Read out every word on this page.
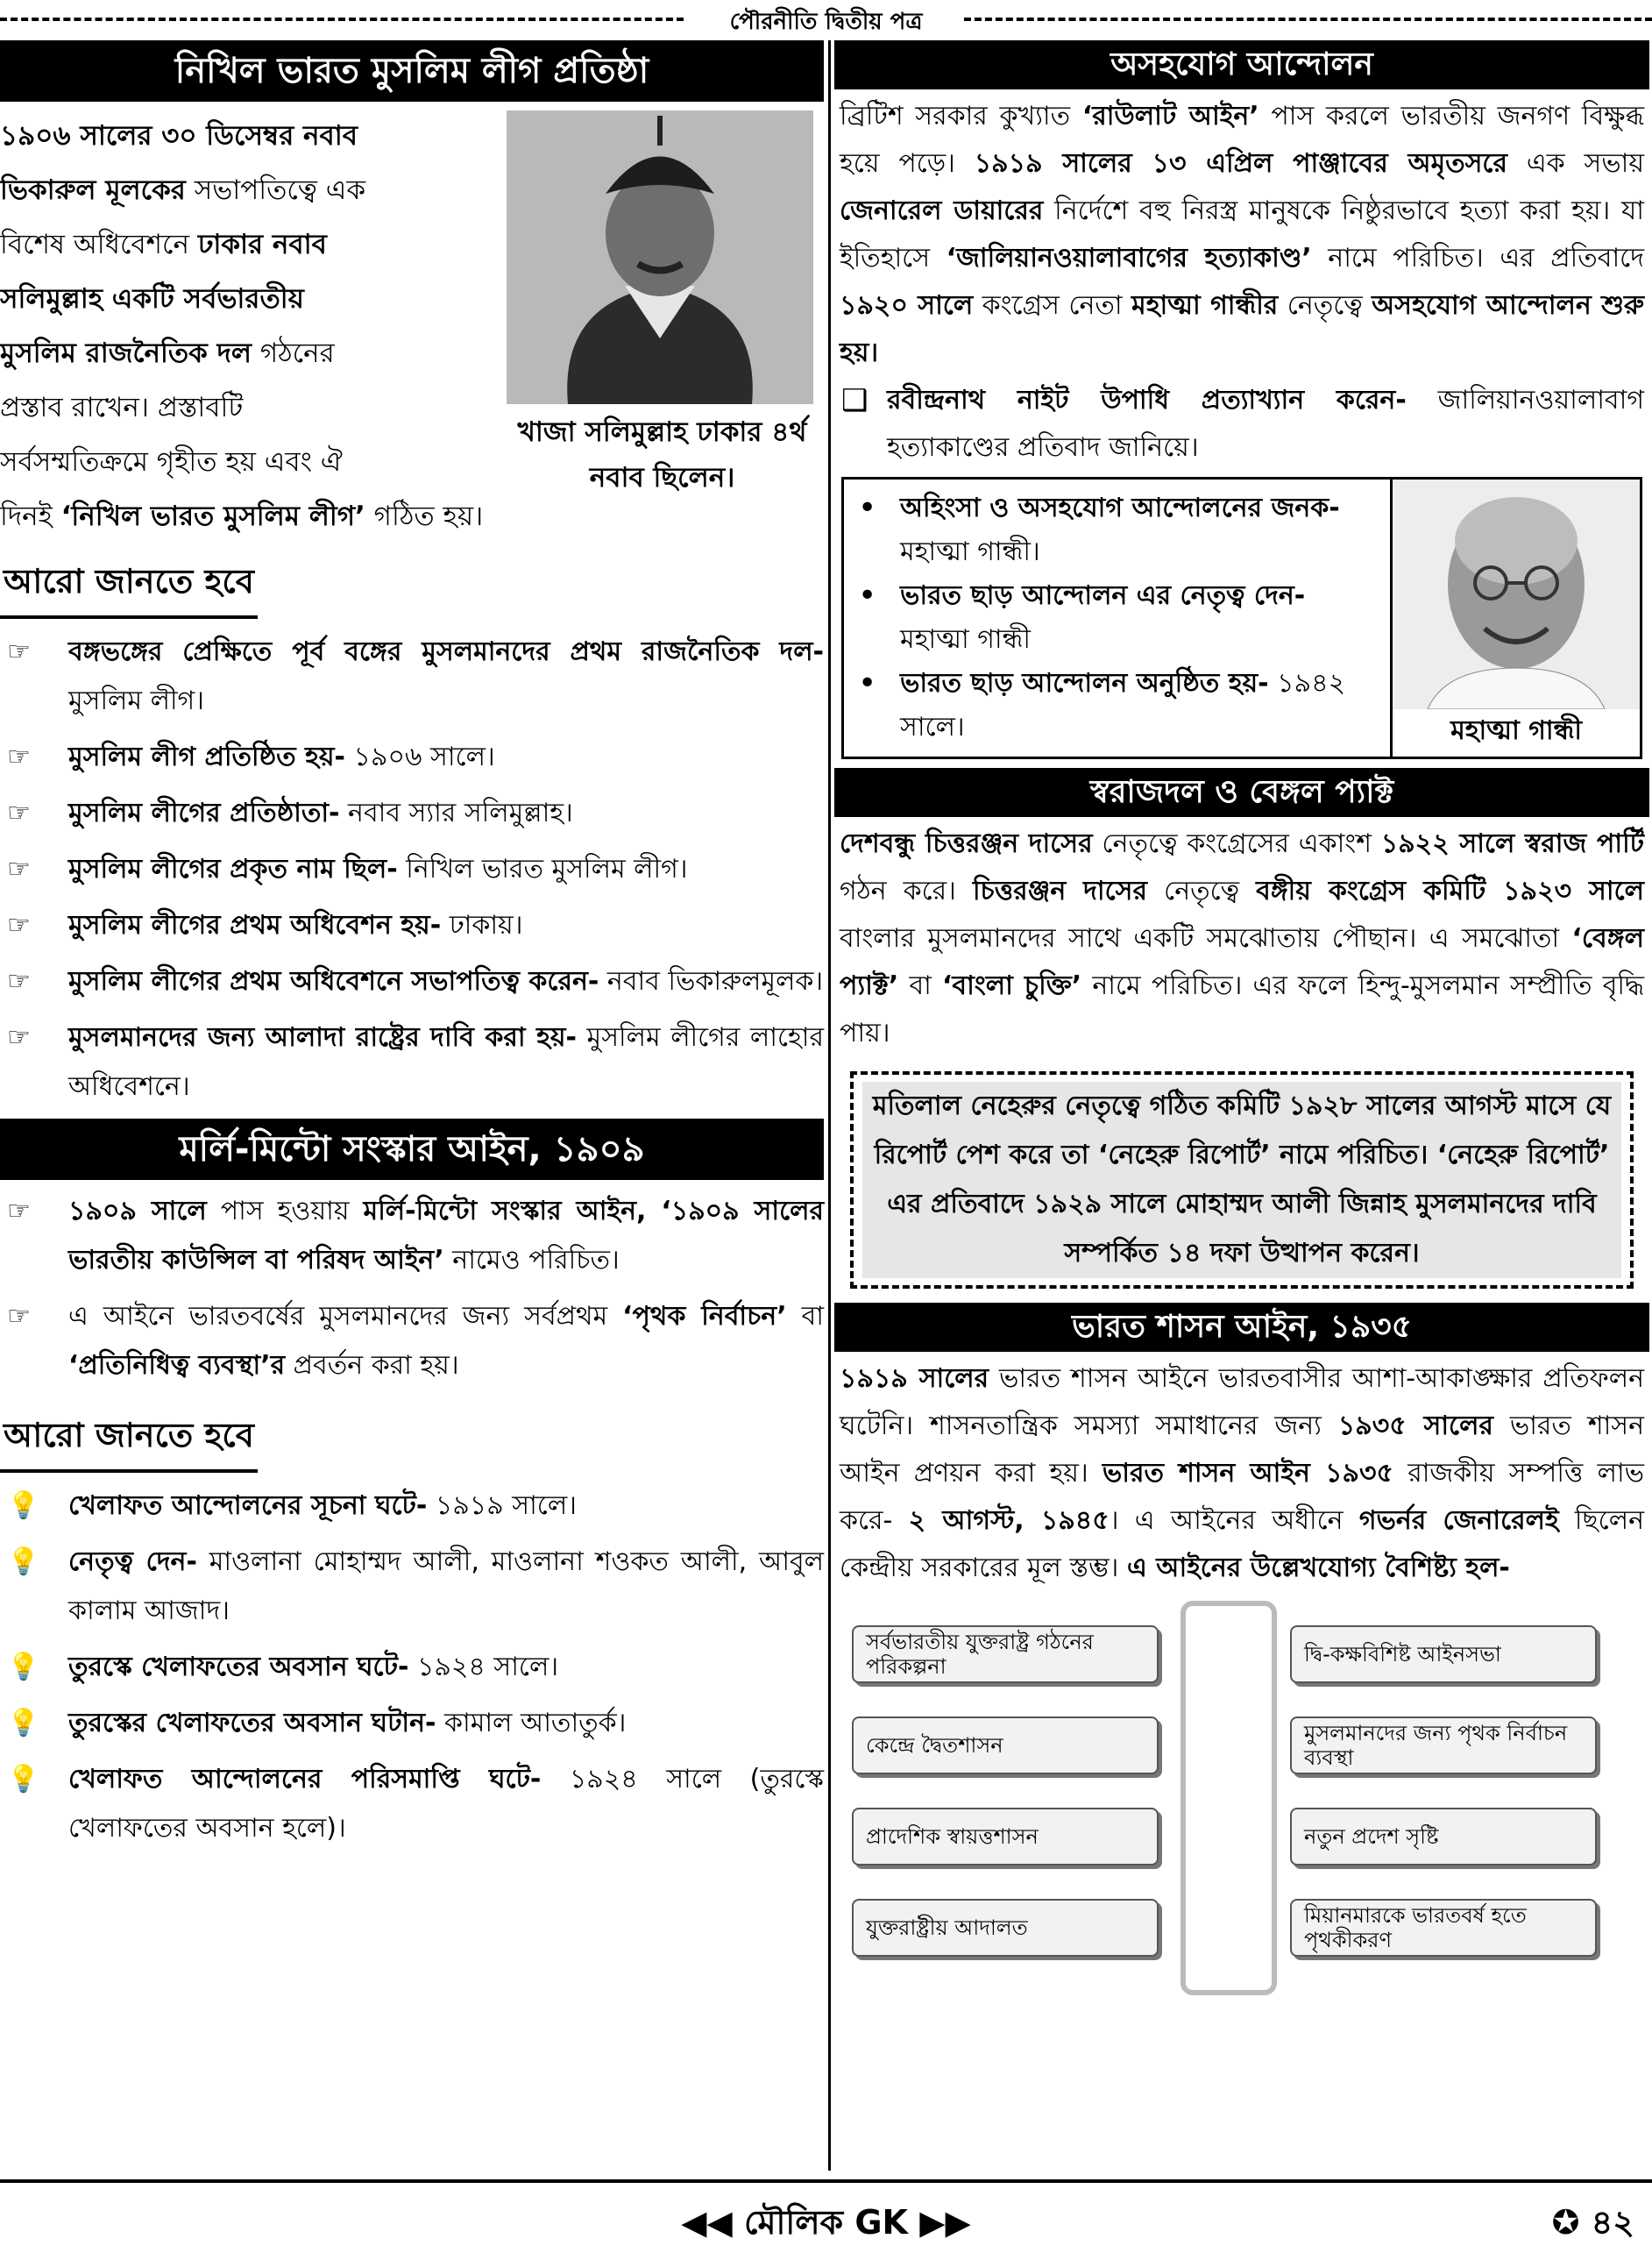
পৌরনীতি দ্বিতীয় পত্র
নিখিল ভারত মুসলিম লীগ প্রতিষ্ঠা

১৯০৬ সালের ৩০ ডিসেম্বর নবাব

ভিকারুল মূলকের সভাপতিত্বে এক

বিশেষ অধিবেশনে ঢাকার নবাব

সলিমুল্লাহ একটি সর্বভারতীয়

মুসলিম রাজনৈতিক দল গঠনের

প্রস্তাব রাখেন। প্রস্তাবটি

সর্বসম্মতিক্রমে গৃহীত হয় এবং ঐ

দিনই ‘নিখিল ভারত মুসলিম লীগ’ গঠিত হয়।

খাজা সলিমুল্লাহ ঢাকার ৪র্থ নবাব ছিলেন।
আরো জানতে হবে
☞ বঙ্গভঙ্গের প্রেক্ষিতে পূর্ব বঙ্গের মুসলমানদের প্রথম রাজনৈতিক দল- মুসলিম লীগ।
☞ মুসলিম লীগ প্রতিষ্ঠিত হয়- ১৯০৬ সালে।
☞ মুসলিম লীগের প্রতিষ্ঠাতা- নবাব স্যার সলিমুল্লাহ।
☞ মুসলিম লীগের প্রকৃত নাম ছিল- নিখিল ভারত মুসলিম লীগ।
☞ মুসলিম লীগের প্রথম অধিবেশন হয়- ঢাকায়।
☞ মুসলিম লীগের প্রথম অধিবেশনে সভাপতিত্ব করেন- নবাব ভিকারুলমূলক।
☞ মুসলমানদের জন্য আলাদা রাষ্ট্রের দাবি করা হয়- মুসলিম লীগের লাহোর অধিবেশনে।
মর্লি-মিন্টো সংস্কার আইন, ১৯০৯
☞ ১৯০৯ সালে পাস হওয়ায় মর্লি-মিন্টো সংস্কার আইন, ‘১৯০৯ সালের ভারতীয় কাউন্সিল বা পরিষদ আইন’ নামেও পরিচিত।
☞ এ আইনে ভারতবর্ষের মুসলমানদের জন্য সর্বপ্রথম ‘পৃথক নির্বাচন’ বা ‘প্রতিনিধিত্ব ব্যবস্থা’র প্রবর্তন করা হয়।
আরো জানতে হবে
💡 খেলাফত আন্দোলনের সূচনা ঘটে- ১৯১৯ সালে।
💡 নেতৃত্ব দেন- মাওলানা মোহাম্মদ আলী, মাওলানা শওকত আলী, আবুল কালাম আজাদ।
💡 তুরস্কে খেলাফতের অবসান ঘটে- ১৯২৪ সালে।
💡 তুরস্কের খেলাফতের অবসান ঘটান- কামাল আতাতুর্ক।
💡 খেলাফত আন্দোলনের পরিসমাপ্তি ঘটে- ১৯২৪ সালে (তুরস্কে খেলাফতের অবসান হলে)।
অসহযোগ আন্দোলন
ব্রিটিশ সরকার কুখ্যাত ‘রাউলাট আইন’ পাস করলে ভারতীয় জনগণ বিক্ষুব্ধ হয়ে পড়ে। ১৯১৯ সালের ১৩ এপ্রিল পাঞ্জাবের অমৃতসরে এক সভায় জেনারেল ডায়ারের নির্দেশে বহু নিরস্ত্র মানুষকে নিষ্ঠুরভাবে হত্যা করা হয়। যা ইতিহাসে ‘জালিয়ানওয়ালাবাগের হত্যাকাণ্ড’ নামে পরিচিত। এর প্রতিবাদে ১৯২০ সালে কংগ্রেস নেতা মহাত্মা গান্ধীর নেতৃত্বে অসহযোগ আন্দোলন শুরু হয়।
❑ রবীন্দ্রনাথ নাইট উপাধি প্রত্যাখ্যান করেন- জালিয়ানওয়ালাবাগ হত্যাকাণ্ডের প্রতিবাদ জানিয়ে।
• অহিংসা ও অসহযোগ আন্দোলনের জনক- মহাত্মা গান্ধী।
• ভারত ছাড় আন্দোলন এর নেতৃত্ব দেন- মহাত্মা গান্ধী
• ভারত ছাড় আন্দোলন অনুষ্ঠিত হয়- ১৯৪২ সালে।	মহাত্মা গান্ধী
স্বরাজদল ও বেঙ্গল প্যাক্ট
দেশবন্ধু চিত্তরঞ্জন দাসের নেতৃত্বে কংগ্রেসের একাংশ ১৯২২ সালে স্বরাজ পার্টি গঠন করে। চিত্তরঞ্জন দাসের নেতৃত্বে বঙ্গীয় কংগ্রেস কমিটি ১৯২৩ সালে বাংলার মুসলমানদের সাথে একটি সমঝোতায় পৌছান। এ সমঝোতা ‘বেঙ্গল প্যাক্ট’ বা ‘বাংলা চুক্তি’ নামে পরিচিত। এর ফলে হিন্দু-মুসলমান সম্প্রীতি বৃদ্ধি পায়।
মতিলাল নেহেরুর নেতৃত্বে গঠিত কমিটি ১৯২৮ সালের আগস্ট মাসে যে রিপোর্ট পেশ করে তা ‘নেহেরু রিপোর্ট’ নামে পরিচিত। ‘নেহেরু রিপোর্ট’ এর প্রতিবাদে ১৯২৯ সালে মোহাম্মদ আলী জিন্নাহ মুসলমানদের দাবি সম্পর্কিত ১৪ দফা উত্থাপন করেন।
ভারত শাসন আইন, ১৯৩৫
১৯১৯ সালের ভারত শাসন আইনে ভারতবাসীর আশা-আকাঙ্ক্ষার প্রতিফলন ঘটেনি। শাসনতান্ত্রিক সমস্যা সমাধানের জন্য ১৯৩৫ সালের ভারত শাসন আইন প্রণয়ন করা হয়। ভারত শাসন আইন ১৯৩৫ রাজকীয় সম্পত্তি লাভ করে- ২ আগস্ট, ১৯৪৫। এ আইনের অধীনে গভর্নর জেনারেলই ছিলেন কেন্দ্রীয় সরকারের মূল স্তম্ভ। এ আইনের উল্লেখযোগ্য বৈশিষ্ট্য হল-
সর্বভারতীয় যুক্তরাষ্ট্র গঠনের পরিকল্পনা
কেন্দ্রে দ্বৈতশাসন
প্রাদেশিক স্বায়ত্তশাসন
যুক্তরাষ্ট্রীয় আদালত
দ্বি-কক্ষবিশিষ্ট আইনসভা
মুসলমানদের জন্য পৃথক নির্বাচন ব্যবস্থা
নতুন প্রদেশ সৃষ্টি
মিয়ানমারকে ভারতবর্ষ হতে পৃথকীকরণ
◀◀ মৌলিক GK ▶▶	✪ ৪২
